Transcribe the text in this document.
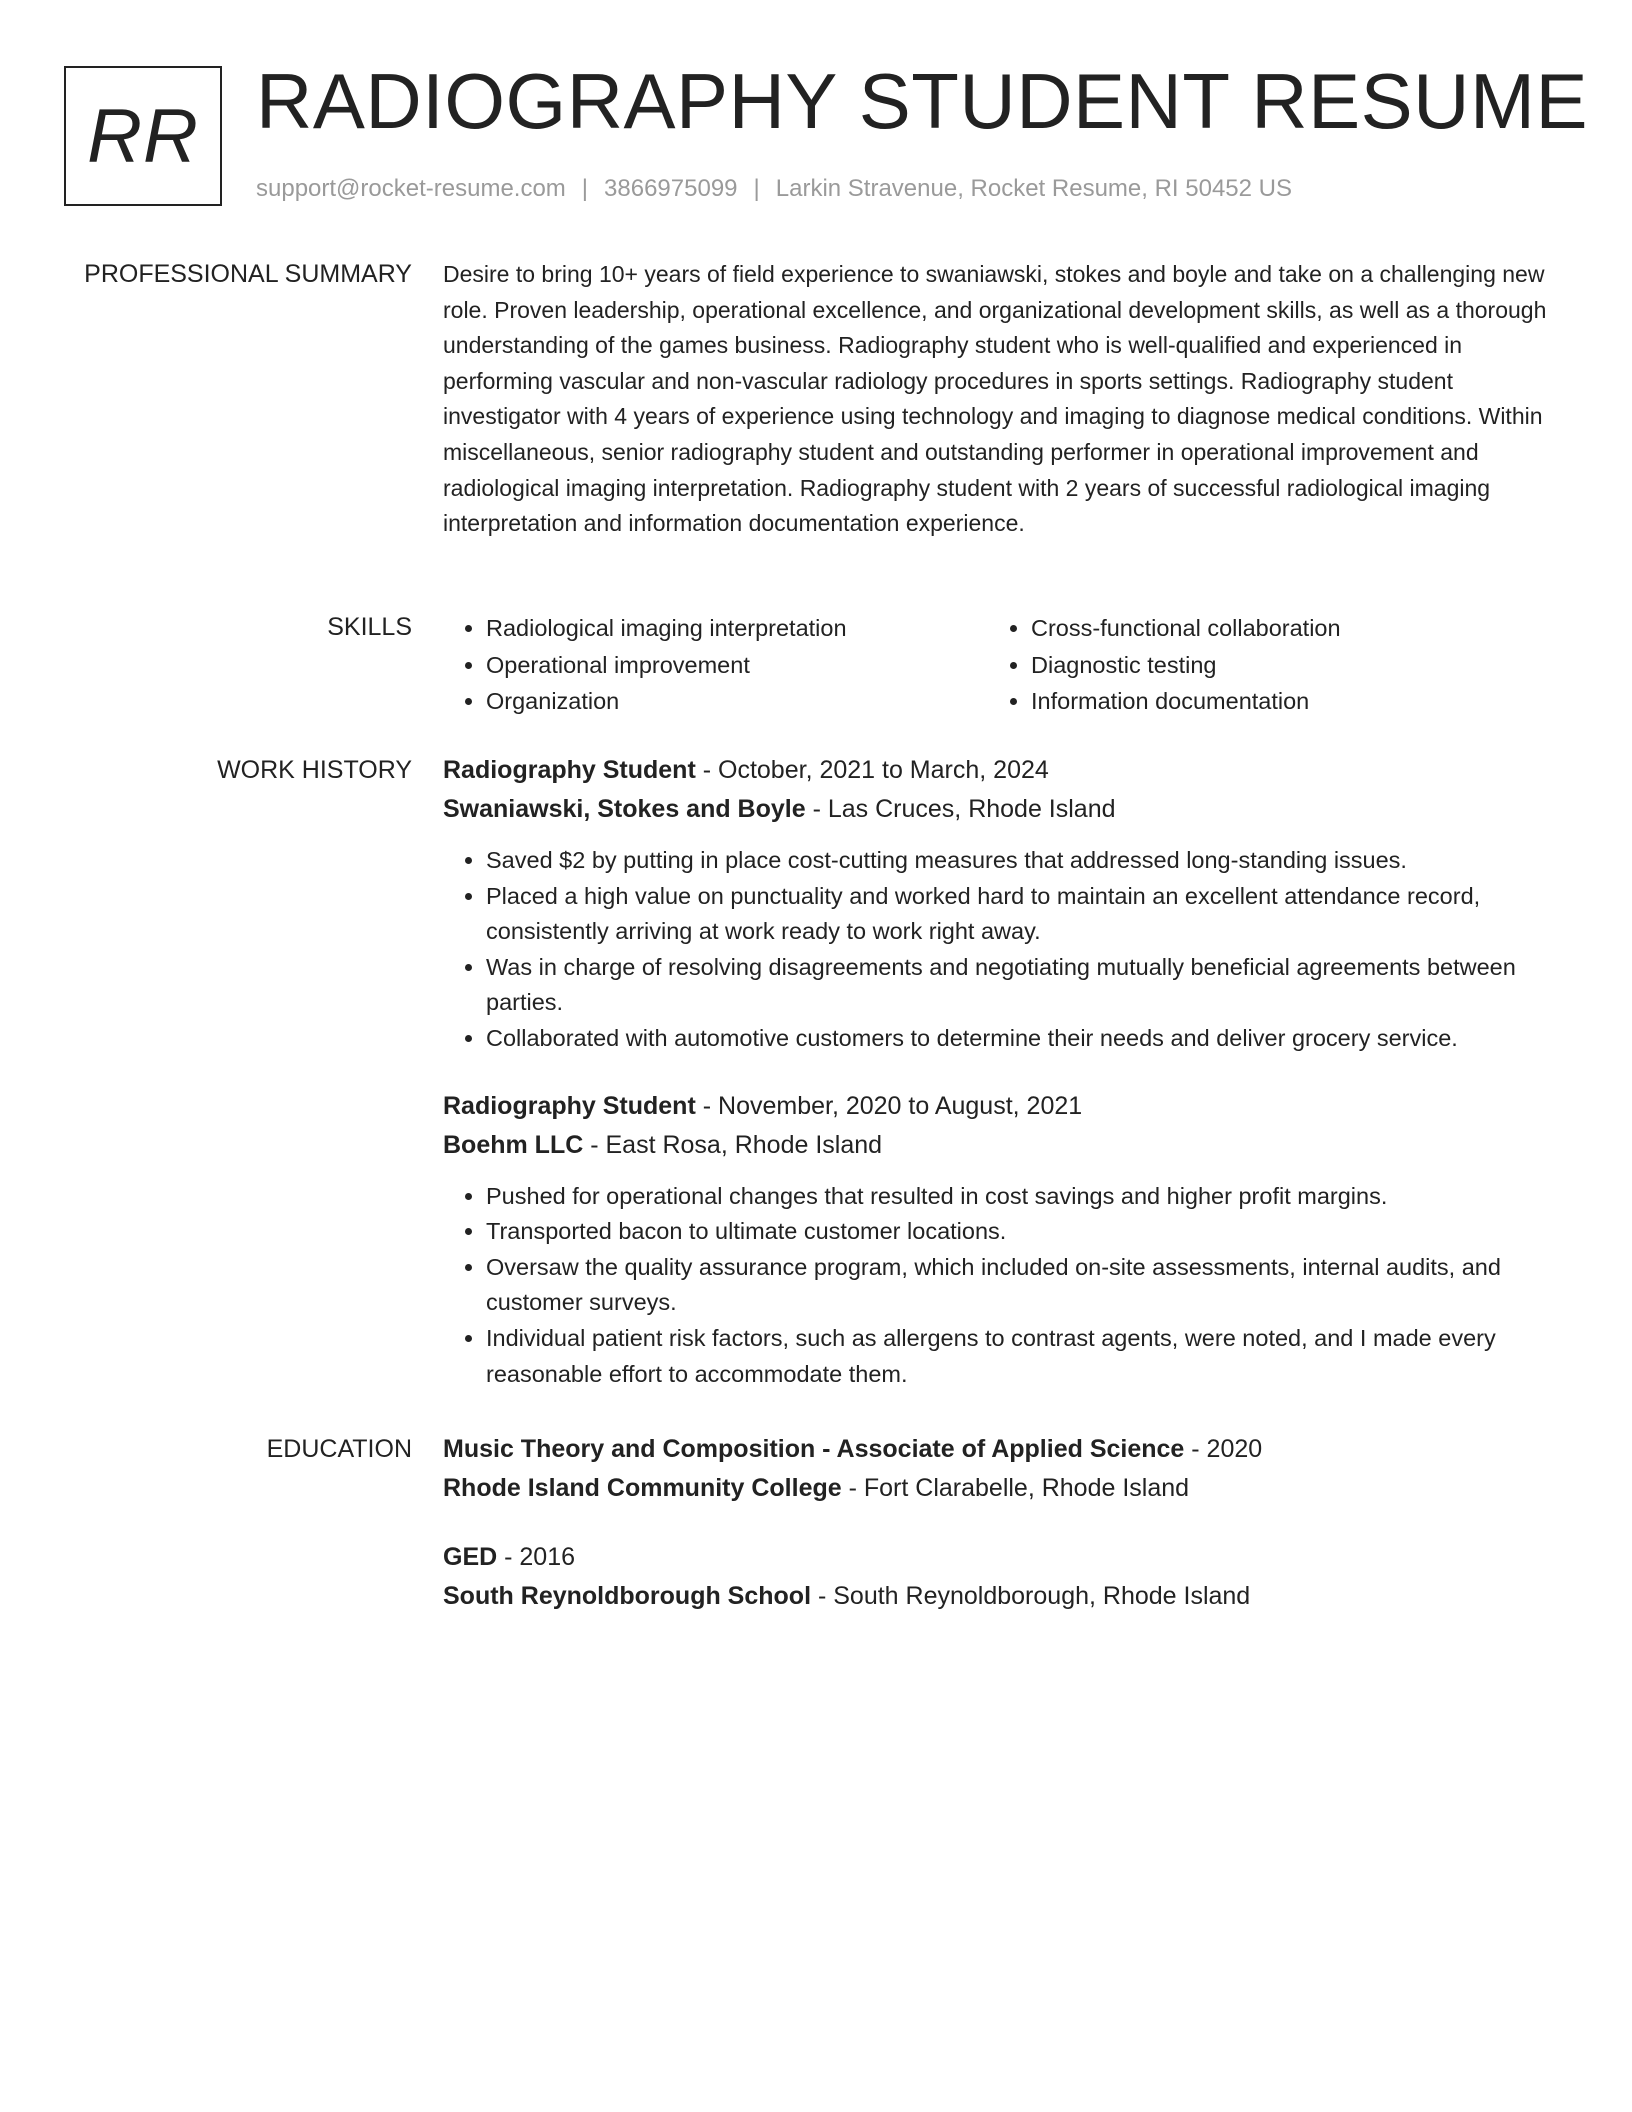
RR RADIOGRAPHY STUDENT RESUME
support@rocket-resume.com | 3866975099 | Larkin Stravenue, Rocket Resume, RI 50452 US
PROFESSIONAL SUMMARY Desire to bring 10+ years of field experience to swaniawski, stokes and boyle and take on a challenging new role. Proven leadership, operational excellence, and organizational development skills, as well as a thorough understanding of the games business. Radiography student who is well-qualified and experienced in performing vascular and non-vascular radiology procedures in sports settings. Radiography student investigator with 4 years of experience using technology and imaging to diagnose medical conditions. Within miscellaneous, senior radiography student and outstanding performer in operational improvement and radiological imaging interpretation. Radiography student with 2 years of successful radiological imaging interpretation and information documentation experience.

SKILLS
•	Radiological imaging interpretation
• Operational improvement
• Organization
• Cross-functional collaboration
• Diagnostic testing
• Information documentation
WORK HISTORY Radiography Student - October, 2021 to March, 2024
Swaniawski, Stokes and Boyle - Las Cruces, Rhode Island
• Saved $2 by putting in place cost-cutting measures that addressed long-standing issues.
• Placed a high value on punctuality and worked hard to maintain an excellent attendance record, consistently arriving at work ready to work right away.
• Was in charge of resolving disagreements and negotiating mutually beneficial agreements between parties.
• Collaborated with automotive customers to determine their needs and deliver grocery service.
Radiography Student - November, 2020 to August, 2021
Boehm LLC - East Rosa, Rhode Island
• Pushed for operational changes that resulted in cost savings and higher profit margins.
• Transported bacon to ultimate customer locations.
• Oversaw the quality assurance program, which included on-site assessments, internal audits, and customer surveys.
• Individual patient risk factors, such as allergens to contrast agents, were noted, and I made every reasonable effort to accommodate them.
EDUCATION Music Theory and Composition - Associate of Applied Science - 2020
Rhode Island Community College - Fort Clarabelle, Rhode Island
GED - 2016
South Reynoldborough School - South Reynoldborough, Rhode Island
